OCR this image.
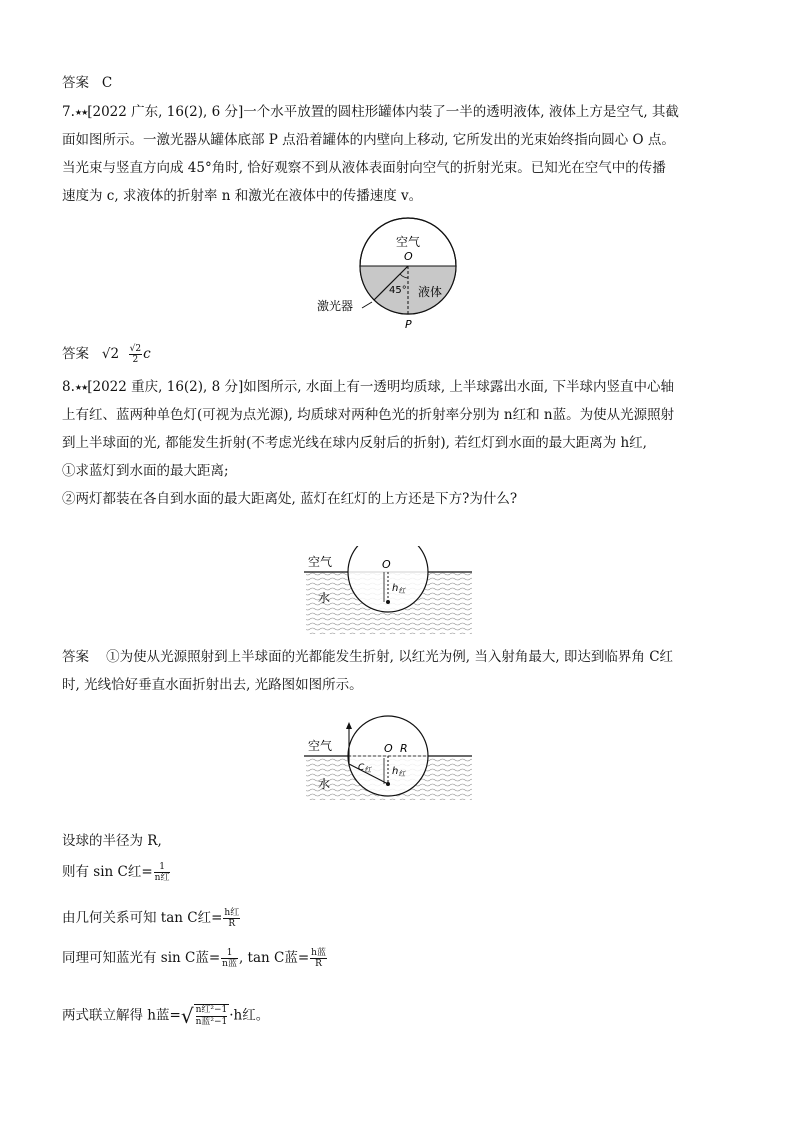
答案 C
7.★★[2022 广东, 16(2), 6 分]一个水平放置的圆柱形罐体内装了一半的透明液体, 液体上方是空气, 其截
面如图所示。一激光器从罐体底部 P 点沿着罐体的内壁向上移动, 它所发出的光束始终指向圆心 O 点。
当光束与竖直方向成 45°角时, 恰好观察不到从液体表面射向空气的折射光束。已知光在空气中的传播
速度为 c, 求液体的折射率 n 和激光在液体中的传播速度 v。
空气
O
45° 液体
激光器
P
答案 $√2 \frac{√2}{2}$ c
8.★★[2022 重庆, 16(2), 8 分]如图所示, 水面上有一透明均质球, 上半球露出水面, 下半球内竖直中心轴
上有红、蓝两种单色灯(可视为点光源), 均质球对两种色光的折射率分别为 n红和 n蓝。为使从光源照射
到上半球面的光, 都能发生折射(不考虑光线在球内反射后的折射), 若红灯到水面的最大距离为 h红,
①求蓝灯到水面的最大距离;
②两灯都装在各自到水面的最大距离处, 蓝灯在红灯的上方还是下方?为什么?
空气	O
$h_红$
水
答案 ①为使从光源照射到上半球面的光都能发生折射, 以红光为例, 当入射角最大, 即达到临界角 C红
时, 光线恰好垂直水面折射出去, 光路图如图所示。
空气	O R
$C_红$ $h_红$
水
设球的半径为 R,
则有 sin C红= $\frac{1}{\text{n红}}$
由几何关系可知 tan C红= $\frac{\text{h红}}{R}$
同理可知蓝光有 sin C蓝= $\frac{1}{\text{n蓝}}$ , tan C蓝= $\frac{\text{h蓝}}{R}$
两式联立解得 h蓝=√ $\frac{\text{n红²−1}}{\text{n蓝²−1}} \cdot h$红。
